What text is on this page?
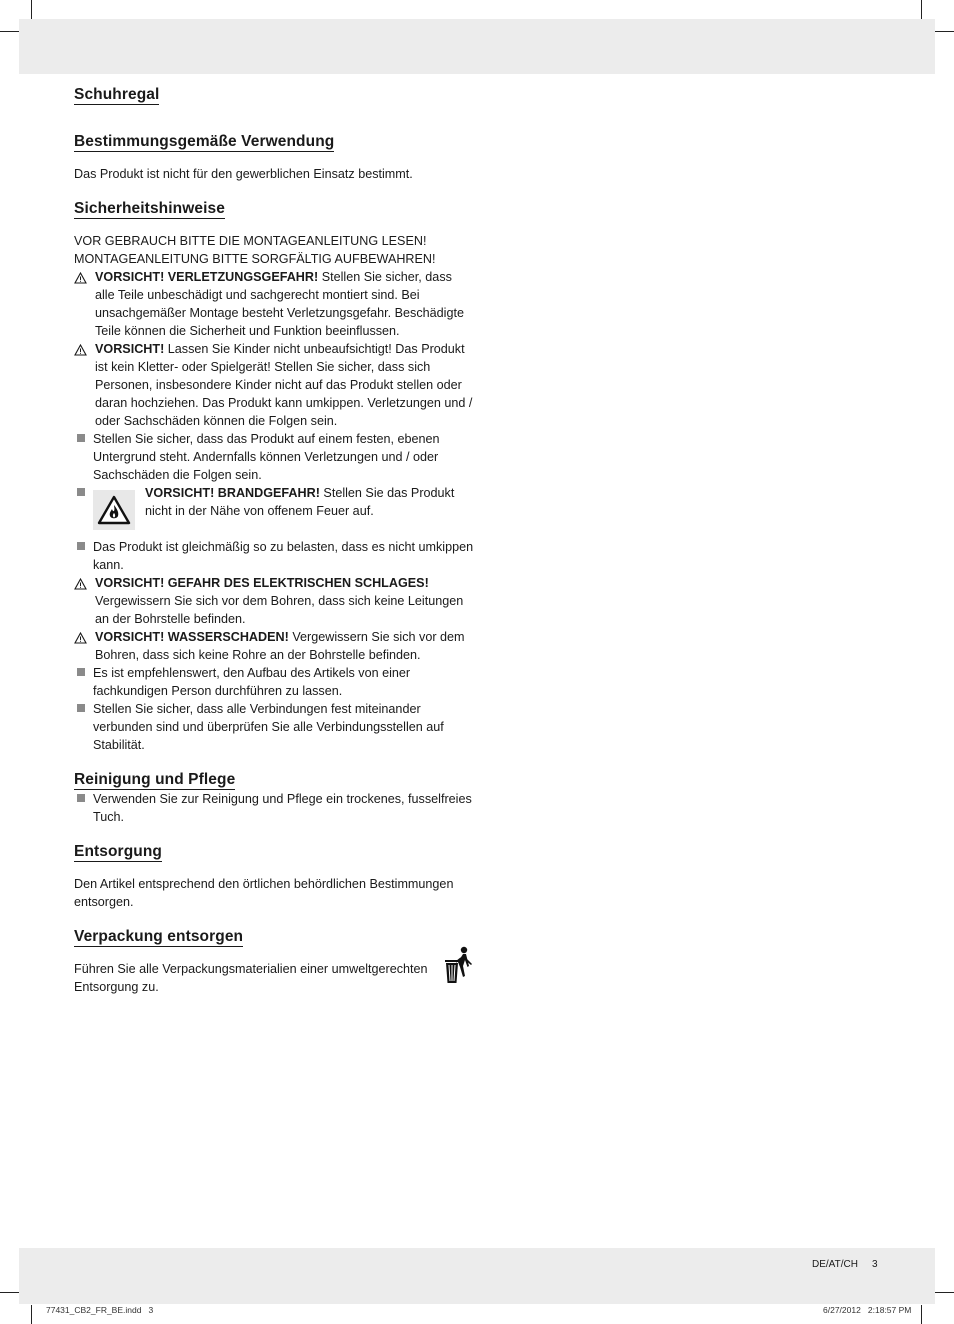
Schuhregal
Bestimmungsgemäße Verwendung

Das Produkt ist nicht für den gewerblichen Einsatz bestimmt.

Sicherheitshinweise

VOR GEBRAUCH BITTE DIE MONTAGEANLEITUNG LESEN!

MONTAGEANLEITUNG BITTE SORGFÄLTIG AUFBEWAHREN!

VORSICHT! VERLETZUNGSGEFAHR! Stellen Sie sicher, dass alle Teile unbeschädigt und sachgerecht montiert sind. Bei unsachgemäßer Montage besteht Verletzungsgefahr. Beschädigte Teile können die Sicherheit und Funktion beeinflussen.
VORSICHT! Lassen Sie Kinder nicht unbeaufsichtigt! Das Produkt ist kein Kletter- oder Spielgerät! Stellen Sie sicher, dass sich Personen, insbesondere Kinder nicht auf das Produkt stellen oder daran hochziehen. Das Produkt kann umkippen. Verletzungen und / oder Sachschäden können die Folgen sein.
Stellen Sie sicher, dass das Produkt auf einem festen, ebenen Untergrund steht. Andernfalls können Verletzungen und / oder Sachschäden die Folgen sein.
VORSICHT! BRANDGEFAHR! Stellen Sie das Produkt nicht in der Nähe von offenem Feuer auf.
Das Produkt ist gleichmäßig so zu belasten, dass es nicht umkippen kann.
VORSICHT! GEFAHR DES ELEKTRISCHEN SCHLAGES! Vergewissern Sie sich vor dem Bohren, dass sich keine Leitungen an der Bohrstelle befinden.
VORSICHT! WASSERSCHADEN! Vergewissern Sie sich vor dem Bohren, dass sich keine Rohre an der Bohrstelle befinden.
Es ist empfehlenswert, den Aufbau des Artikels von einer fachkundigen Person durchführen zu lassen.
Stellen Sie sicher, dass alle Verbindungen fest miteinander verbunden sind und überprüfen Sie alle Verbindungsstellen auf Stabilität.
Reinigung und Pflege
Verwenden Sie zur Reinigung und Pflege ein trockenes, fusselfreies Tuch.
Entsorgung

Den Artikel entsprechend den örtlichen behördlichen Bestimmungen entsorgen.

Verpackung entsorgen

Führen Sie alle Verpackungsmaterialien einer umweltgerechten Entsorgung zu.

DE/AT/CH 3
77431_CB2_FR_BE.indd   3	6/27/2012   2:18:57 PM
